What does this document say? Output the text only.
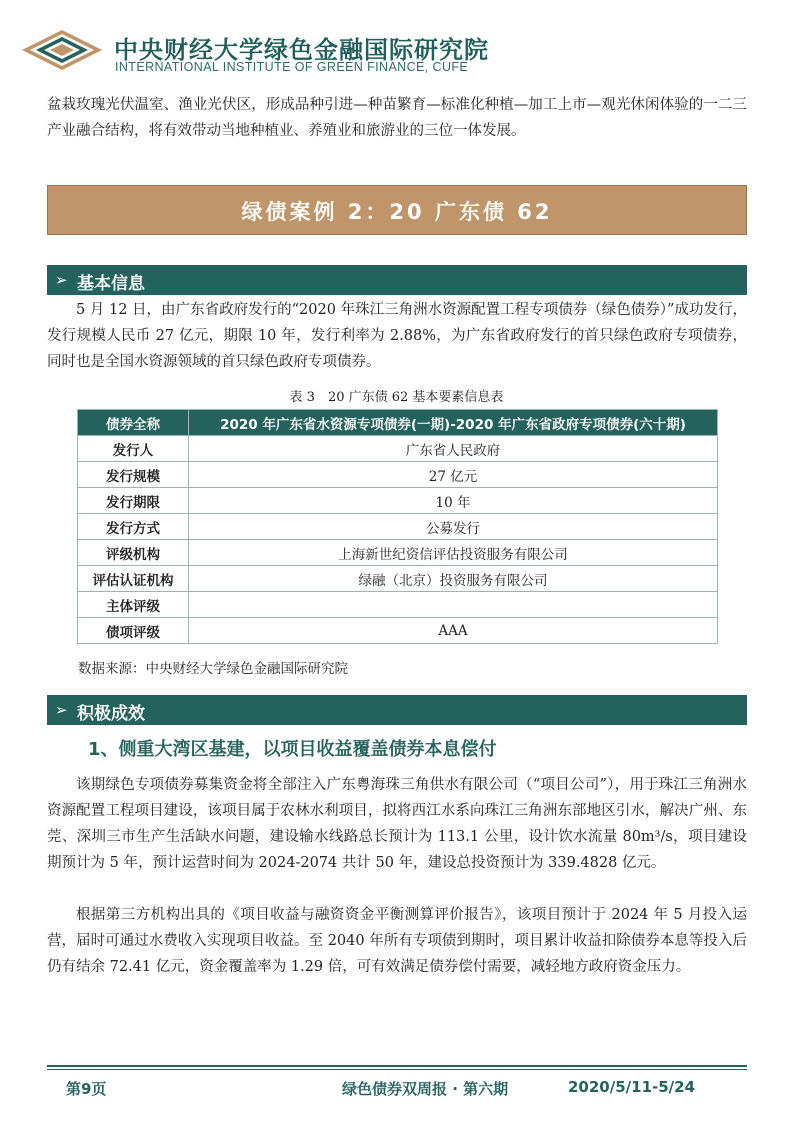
中央财经大学绿色金融国际研究院
INTERNATIONAL INSTITUTE OF GREEN FINANCE, CUFE

盆栽玫瑰光伏温室、渔业光伏区，形成品种引进—种苗繁育—标准化种植—加工上市—观光休闲体验的一二三产业融合结构，将有效带动当地种植业、养殖业和旅游业的三位一体发展。

绿债案例 2：20 广东债 62
➢ 基本信息

5 月 12 日，由广东省政府发行的“2020 年珠江三角洲水资源配置工程专项债券（绿色债券）”成功发行，发行规模人民币 27 亿元，期限 10 年，发行利率为 2.88%，为广东省政府发行的首只绿色政府专项债券，同时也是全国水资源领域的首只绿色政府专项债券。

表 3　20 广东债 62 基本要素信息表
债券全称	2020 年广东省水资源专项债券(一期)-2020 年广东省政府专项债券(六十期)
发行人	广东省人民政府
发行规模	27 亿元
发行期限	10 年
发行方式	公募发行
评级机构	上海新世纪资信评估投资服务有限公司
评估认证机构	绿融（北京）投资服务有限公司
主体评级	
债项评级	AAA
数据来源：中央财经大学绿色金融国际研究院
➢ 积极成效
1、侧重大湾区基建，以项目收益覆盖债券本息偿付

该期绿色专项债券募集资金将全部注入广东粤海珠三角供水有限公司（“项目公司”），用于珠江三角洲水资源配置工程项目建设，该项目属于农林水利项目，拟将西江水系向珠江三角洲东部地区引水，解决广州、东莞、深圳三市生产生活缺水问题，建设输水线路总长预计为 113.1 公里，设计饮水流量 80m³/s，项目建设期预计为 5 年，预计运营时间为 2024-2074 共计 50 年，建设总投资预计为 339.4828 亿元。

根据第三方机构出具的《项目收益与融资资金平衡测算评价报告》，该项目预计于 2024 年 5 月投入运营，届时可通过水费收入实现项目收益。至 2040 年所有专项债到期时，项目累计收益扣除债券本息等投入后仍有结余 72.41 亿元，资金覆盖率为 1.29 倍，可有效满足债券偿付需要，减轻地方政府资金压力。

第9页	绿色债券双周报 · 第六期	2020/5/11-5/24
